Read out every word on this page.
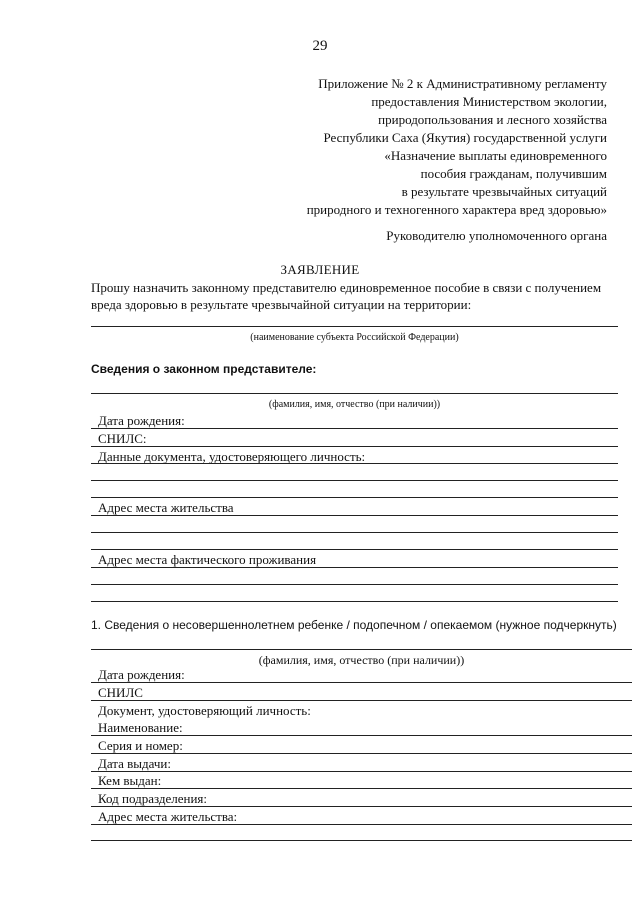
29
Приложение № 2 к Административному регламенту
предоставления Министерством экологии,
природопользования и лесного хозяйства
Республики Саха (Якутия) государственной услуги
«Назначение выплаты единовременного
пособия гражданам, получившим
в результате чрезвычайных ситуаций
природного и техногенного характера вред здоровью»
Руководителю уполномоченного органа
ЗАЯВЛЕНИЕ
Прошу назначить законному представителю единовременное пособие в связи с получением вреда здоровью в результате чрезвычайной ситуации на территории:
(наименование субъекта Российской Федерации)
Сведения о законном представителе:
(фамилия, имя, отчество (при наличии))
Дата рождения:
СНИЛС:
Данные документа, удостоверяющего личность:
Адрес места жительства
Адрес места фактического проживания
1. Сведения о несовершеннолетнем ребенке / подопечном / опекаемом (нужное подчеркнуть)
(фамилия, имя, отчество (при наличии))
Дата рождения:
СНИЛС
Документ, удостоверяющий личность:
Наименование:
Серия и номер:
Дата выдачи:
Кем выдан:
Код подразделения:
Адрес места жительства:
